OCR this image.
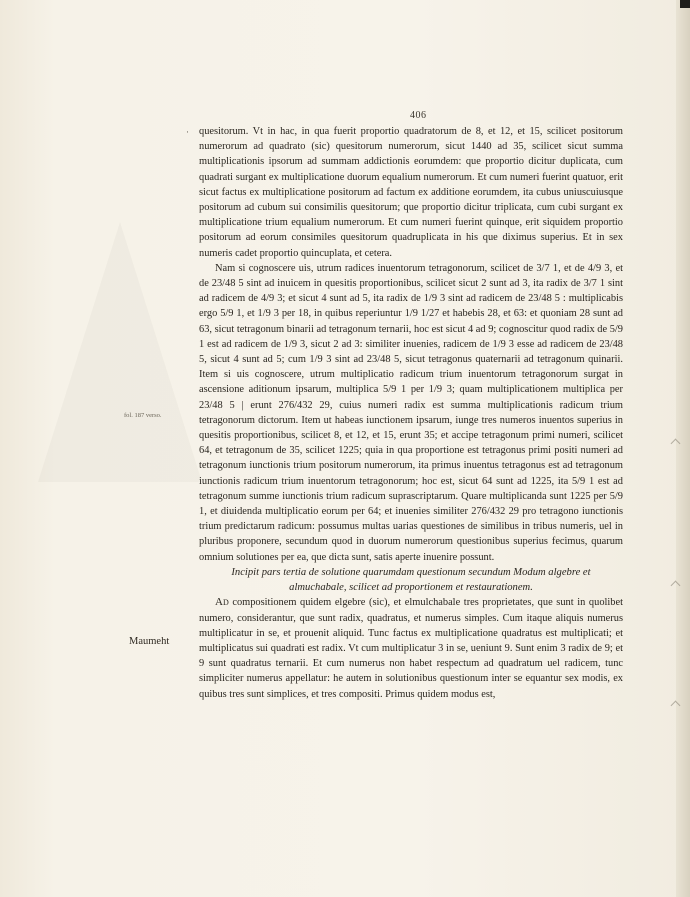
406
·
fol. 187 verso.
Maumeht

quesitorum. Vt in hac, in qua fuerit proportio quadratorum de 8, et 12, et 15, scilicet positorum numerorum ad quadrato (sic) quesitorum numerorum, sicut 1440 ad 35, scilicet sicut summa multiplicationis ipsorum ad summam addictionis eorumdem: que proportio dicitur duplicata, cum quadrati surgant ex multiplicatione duorum equalium numerorum. Et cum numeri fuerint quatuor, erit sicut factus ex multiplicatione positorum ad factum ex additione eorumdem, ita cubus uniuscuiusque positorum ad cubum sui consimilis quesitorum; que proportio dicitur triplicata, cum cubi surgant ex multiplicatione trium equalium numerorum. Et cum numeri fuerint quinque, erit siquidem proportio positorum ad eorum consimiles quesitorum quadruplicata in his que diximus superius. Et in sex numeris cadet proportio quincuplata, et cetera.

Nam si cognoscere uis, utrum radices inuentorum tetragonorum, scilicet de 3/7 1, et de 4/9 3, et de 23/48 5 sint ad inuicem in quesitis proportionibus, scilicet sicut 2 sunt ad 3, ita radix de 3/7 1 sint ad radicem de 4/9 3; et sicut 4 sunt ad 5, ita radix de 1/9 3 sint ad radicem de 23/48 5 : multiplicabis ergo 5/9 1, et 1/9 3 per 18, in quibus reperiuntur 1/9 1/27 et habebis 28, et 63: et quoniam 28 sunt ad 63, sicut tetragonum binarii ad tetragonum ternarii, hoc est sicut 4 ad 9; cognoscitur quod radix de 5/9 1 est ad radicem de 1/9 3, sicut 2 ad 3: similiter inuenies, radicem de 1/9 3 esse ad radicem de 23/48 5, sicut 4 sunt ad 5; cum 1/9 3 sint ad 23/48 5, sicut tetragonus quaternarii ad tetragonum quinarii. Item si uis cognoscere, utrum multiplicatio radicum trium inuentorum tetragonorum surgat in ascensione aditionum ipsarum, multiplica 5/9 1 per 1/9 3; quam multiplicationem multiplica per 23/48 5 | erunt 276/432 29, cuius numeri radix est summa multiplicationis radicum trium tetragonorum dictorum. Item ut habeas iunctionem ipsarum, iunge tres numeros inuentos superius in quesitis proportionibus, scilicet 8, et 12, et 15, erunt 35; et accipe tetragonum primi numeri, scilicet 64, et tetragonum de 35, scilicet 1225; quia in qua proportione est tetragonus primi positi numeri ad tetragonum iunctionis trium positorum numerorum, ita primus inuentus tetragonus est ad tetragonum iunctionis radicum trium inuentorum tetragonorum; hoc est, sicut 64 sunt ad 1225, ita 5/9 1 est ad tetragonum summe iunctionis trium radicum suprascriptarum. Quare multiplicanda sunt 1225 per 5/9 1, et diuidenda multiplicatio eorum per 64; et inuenies similiter 276/432 29 pro tetragono iunctionis trium predictarum radicum: possumus multas uarias questiones de similibus in tribus numeris, uel in pluribus proponere, secundum quod in duorum numerorum questionibus superius fecimus, quarum omnium solutiones per ea, que dicta sunt, satis aperte inuenire possunt.

Incipit pars tertia de solutione quarumdam questionum secundum Modum algebre et almuchabale, scilicet ad proportionem et restaurationem.

Ad compositionem quidem elgebre (sic), et elmulchabale tres proprietates, que sunt in quolibet numero, considerantur, que sunt radix, quadratus, et numerus simples. Cum itaque aliquis numerus multiplicatur in se, et prouenit aliquid. Tunc factus ex multiplicatione quadratus est multiplicati; et multiplicatus sui quadrati est radix. Vt cum multiplicatur 3 in se, ueniunt 9. Sunt enim 3 radix de 9; et 9 sunt quadratus ternarii. Et cum numerus non habet respectum ad quadratum uel radicem, tunc simpliciter numerus appellatur: he autem in solutionibus questionum inter se equantur sex modis, ex quibus tres sunt simplices, et tres compositi. Primus quidem modus est,
